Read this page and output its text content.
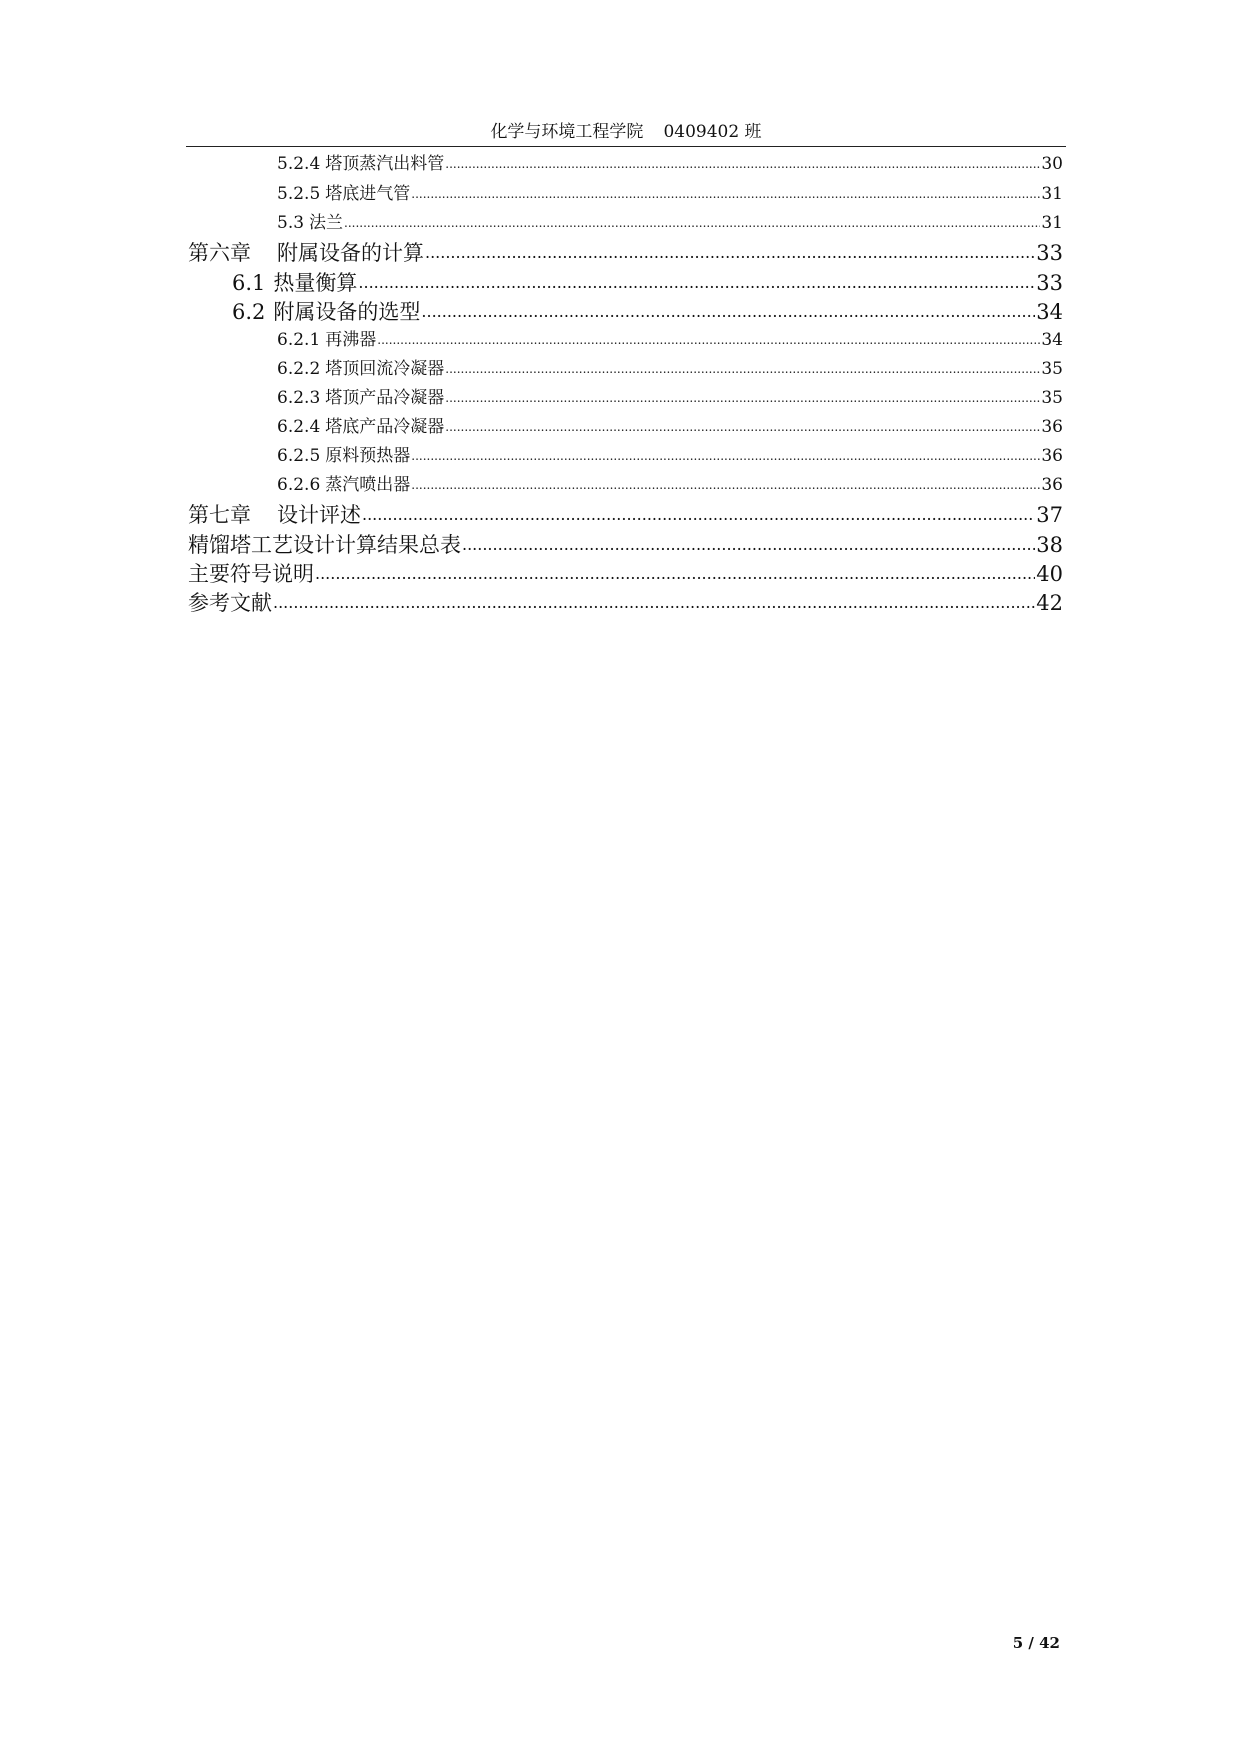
化学与环境工程学院 0409402 班
5.2.4 塔顶蒸汽出料管 .....	30
5.2.5 塔底进气管 .....	31
5.3 法兰 .....	31
第六章 附属设备的计算 .....	33
6.1 热量衡算 .....	33
6.2 附属设备的选型 .....	34
6.2.1 再沸器 .....	34
6.2.2 塔顶回流冷凝器 .....	35
6.2.3 塔顶产品冷凝器 .....	35
6.2.4 塔底产品冷凝器 .....	36
6.2.5 原料预热器 .....	36
6.2.6 蒸汽喷出器 .....	36
第七章 设计评述 .....	37
精馏塔工艺设计计算结果总表 .....	38
主要符号说明 .....	40
参考文献 .....	42
5 / 42
